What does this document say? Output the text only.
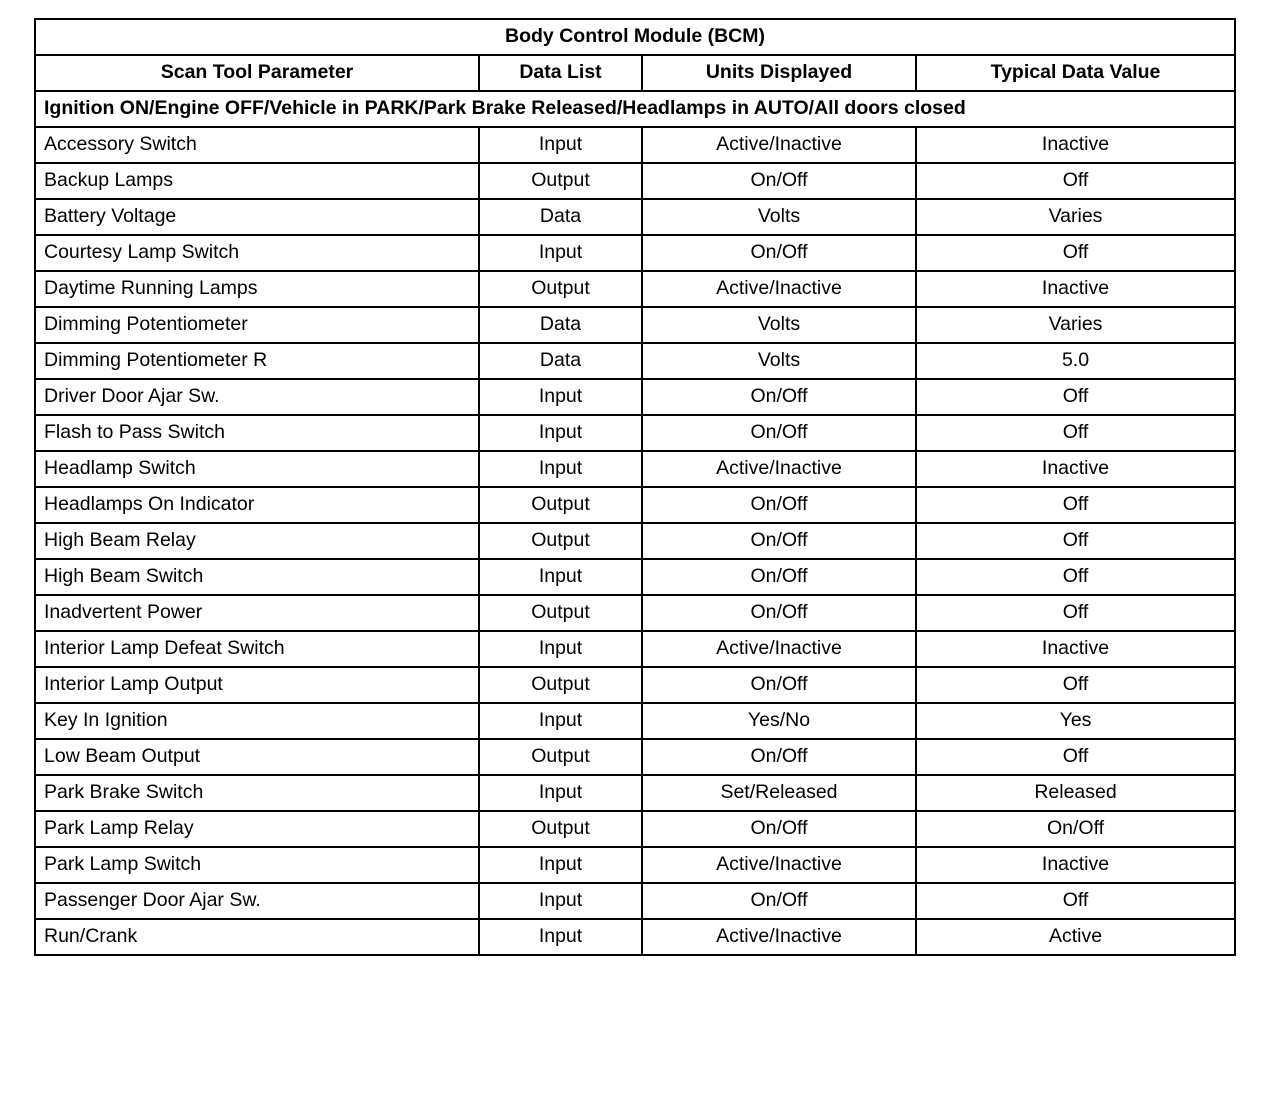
Body Control Module (BCM)			
Scan Tool Parameter	Data List	Units Displayed	Typical Data Value
Ignition ON/Engine OFF/Vehicle in PARK/Park Brake Released/Headlamps in AUTO/All doors closed			
Accessory Switch	Input	Active/Inactive	Inactive
Backup Lamps	Output	On/Off	Off
Battery Voltage	Data	Volts	Varies
Courtesy Lamp Switch	Input	On/Off	Off
Daytime Running Lamps	Output	Active/Inactive	Inactive
Dimming Potentiometer	Data	Volts	Varies
Dimming Potentiometer R	Data	Volts	5.0
Driver Door Ajar Sw.	Input	On/Off	Off
Flash to Pass Switch	Input	On/Off	Off
Headlamp Switch	Input	Active/Inactive	Inactive
Headlamps On Indicator	Output	On/Off	Off
High Beam Relay	Output	On/Off	Off
High Beam Switch	Input	On/Off	Off
Inadvertent Power	Output	On/Off	Off
Interior Lamp Defeat Switch	Input	Active/Inactive	Inactive
Interior Lamp Output	Output	On/Off	Off
Key In Ignition	Input	Yes/No	Yes
Low Beam Output	Output	On/Off	Off
Park Brake Switch	Input	Set/Released	Released
Park Lamp Relay	Output	On/Off	On/Off
Park Lamp Switch	Input	Active/Inactive	Inactive
Passenger Door Ajar Sw.	Input	On/Off	Off
Run/Crank	Input	Active/Inactive	Active
